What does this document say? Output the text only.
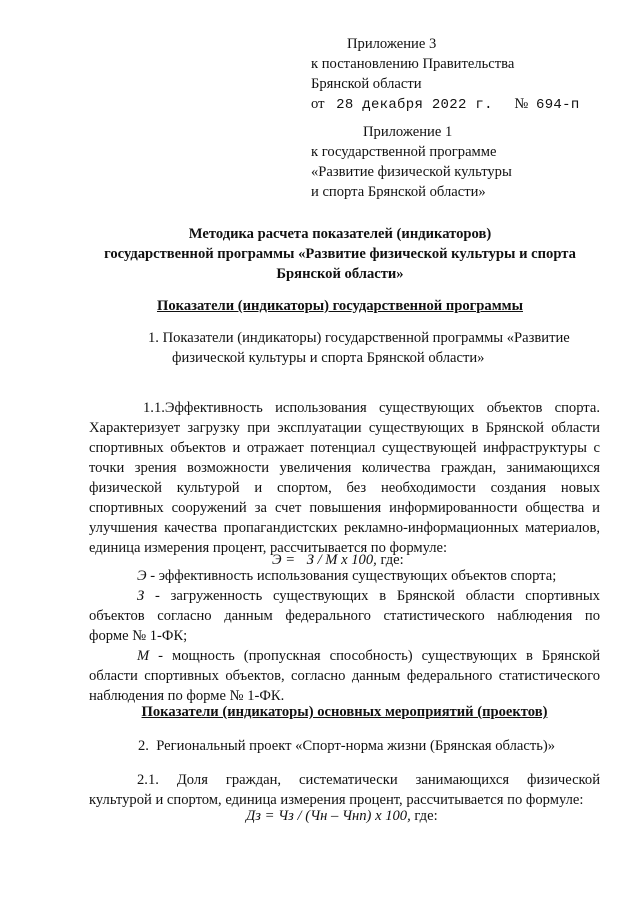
Приложение 3
к постановлению Правительства
Брянской области
от 28 декабря 2022 г. № 694-п
Приложение 1
к государственной программе
«Развитие физической культуры
и спорта Брянской области»
Методика расчета показателей (индикаторов)
государственной программы «Развитие физической культуры и спорта
Брянской области»
Показатели (индикаторы) государственной программы
1. Показатели (индикаторы) государственной программы «Развитие
физической культуры и спорта Брянской области»
1.1.Эффективность использования существующих объектов спорта.
Характеризует загрузку при эксплуатации существующих в Брянской области
спортивных объектов и отражает потенциал существующей инфраструктуры с
точки зрения возможности увеличения количества граждан, занимающихся
физической культурой и спортом, без необходимости создания новых
спортивных сооружений за счет повышения информированности общества и
улучшения качества пропагандистских рекламно-информационных материалов,
единица измерения процент, рассчитывается по формуле:
Э = З / М х 100, где:
Э - эффективность использования существующих объектов спорта;
З - загруженность существующих в Брянской области спортивных
объектов согласно данным федерального статистического наблюдения по
форме № 1-ФК;
М - мощность (пропускная способность) существующих в Брянской
области спортивных объектов, согласно данным федерального статистического
наблюдения по форме № 1-ФК.
Показатели (индикаторы) основных мероприятий (проектов)
2.  Региональный проект «Спорт-норма жизни (Брянская область)»
2.1. Доля граждан, систематически занимающихся физической
культурой и спортом, единица измерения процент, рассчитывается по формуле:
Дз = Чз / (Чн – Чнп) х 100, где:
